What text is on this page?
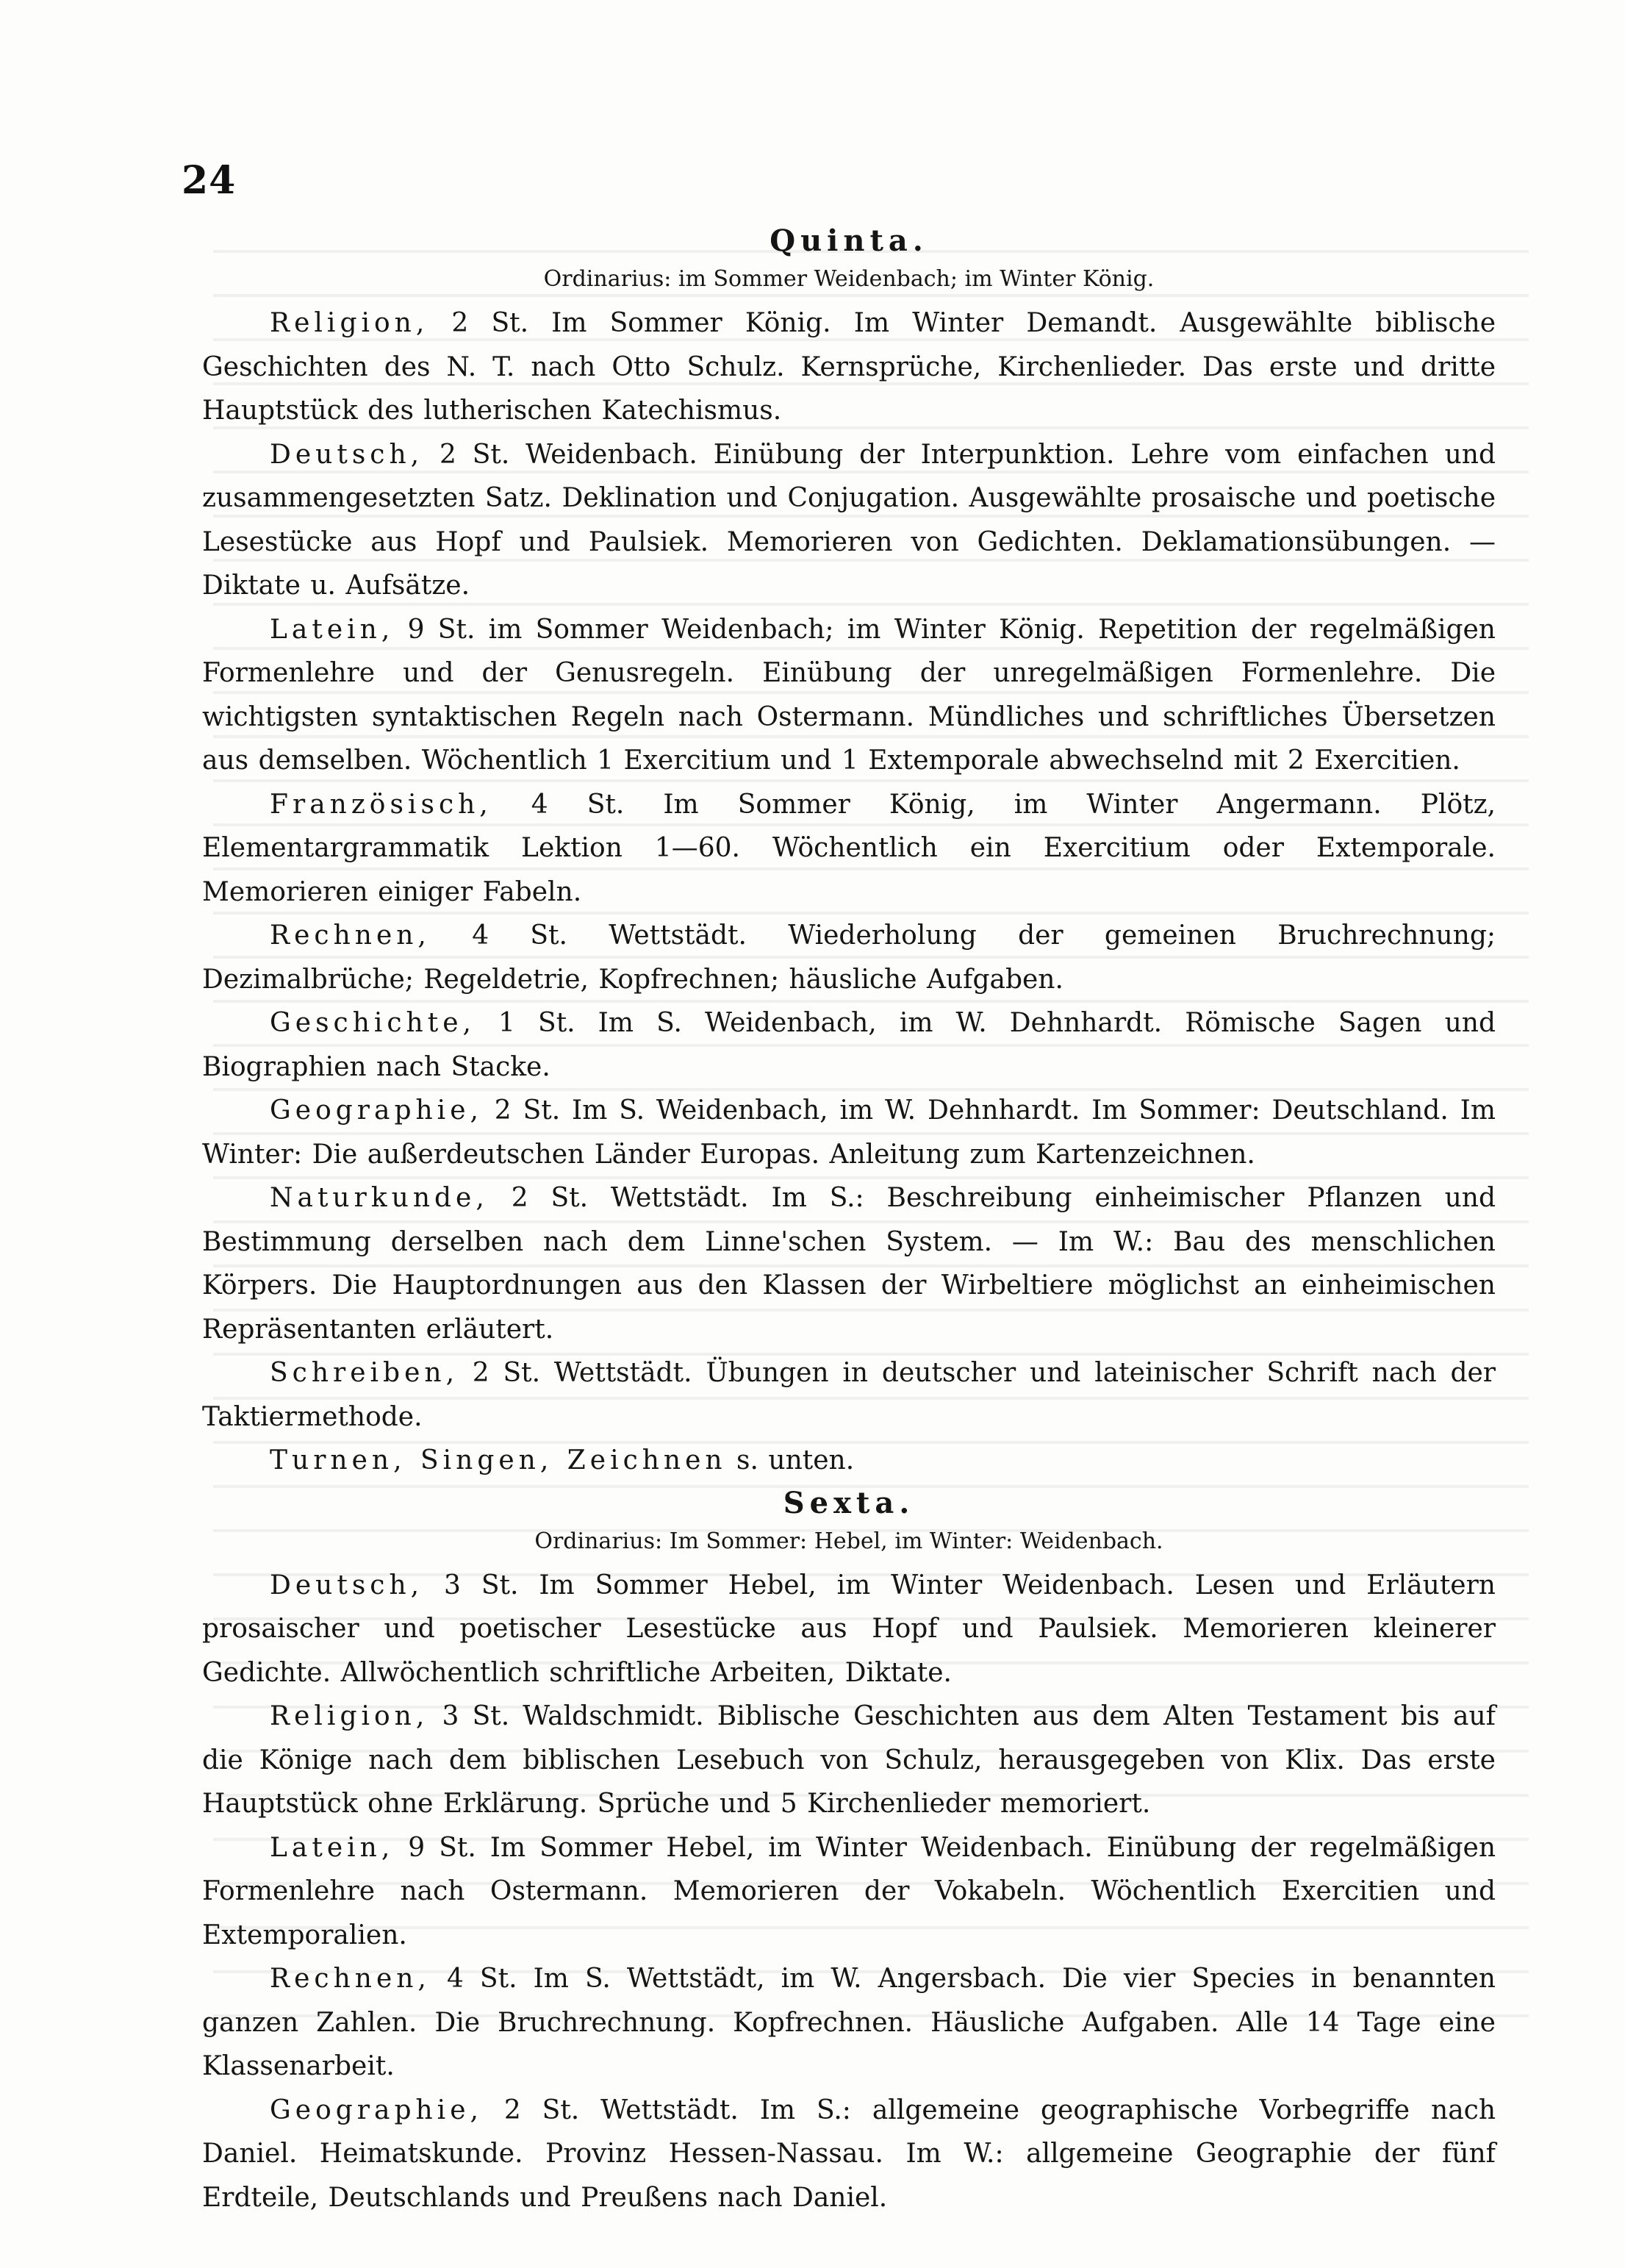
24

Quinta.

Ordinarius: im Sommer Weidenbach; im Winter König.

Religion, 2 St. Im Sommer König. Im Winter Demandt. Ausgewählte biblische Geschichten des N. T. nach Otto Schulz. Kernsprüche, Kirchenlieder. Das erste und dritte Hauptstück des lutherischen Katechismus.

Deutsch, 2 St. Weidenbach. Einübung der Interpunktion. Lehre vom einfachen und zusammengesetzten Satz. Deklination und Conjugation. Ausgewählte prosaische und poetische Lesestücke aus Hopf und Paulsiek. Memorieren von Gedichten. Deklamationsübungen. — Diktate u. Aufsätze.

Latein, 9 St. im Sommer Weidenbach; im Winter König. Repetition der regelmäßigen Formenlehre und der Genusregeln. Einübung der unregelmäßigen Formenlehre. Die wichtigsten syntaktischen Regeln nach Ostermann. Mündliches und schriftliches Übersetzen aus demselben. Wöchentlich 1 Exercitium und 1 Extemporale abwechselnd mit 2 Exercitien.

Französisch, 4 St. Im Sommer König, im Winter Angermann. Plötz, Elementargrammatik Lektion 1—60. Wöchentlich ein Exercitium oder Extemporale. Memorieren einiger Fabeln.

Rechnen, 4 St. Wettstädt. Wiederholung der gemeinen Bruchrechnung; Dezimalbrüche; Regeldetrie, Kopfrechnen; häusliche Aufgaben.

Geschichte, 1 St. Im S. Weidenbach, im W. Dehnhardt. Römische Sagen und Biographien nach Stacke.

Geographie, 2 St. Im S. Weidenbach, im W. Dehnhardt. Im Sommer: Deutschland. Im Winter: Die außerdeutschen Länder Europas. Anleitung zum Kartenzeichnen.

Naturkunde, 2 St. Wettstädt. Im S.: Beschreibung einheimischer Pflanzen und Bestimmung derselben nach dem Linne'schen System. — Im W.: Bau des menschlichen Körpers. Die Hauptordnungen aus den Klassen der Wirbeltiere möglichst an einheimischen Repräsentanten erläutert.

Schreiben, 2 St. Wettstädt. Übungen in deutscher und lateinischer Schrift nach der Taktiermethode.

Turnen, Singen, Zeichnen s. unten.

Sexta.

Ordinarius: Im Sommer: Hebel, im Winter: Weidenbach.

Deutsch, 3 St. Im Sommer Hebel, im Winter Weidenbach. Lesen und Erläutern prosaischer und poetischer Lesestücke aus Hopf und Paulsiek. Memorieren kleinerer Gedichte. Allwöchentlich schriftliche Arbeiten, Diktate.

Religion, 3 St. Waldschmidt. Biblische Geschichten aus dem Alten Testament bis auf die Könige nach dem biblischen Lesebuch von Schulz, herausgegeben von Klix. Das erste Hauptstück ohne Erklärung. Sprüche und 5 Kirchenlieder memoriert.

Latein, 9 St. Im Sommer Hebel, im Winter Weidenbach. Einübung der regelmäßigen Formenlehre nach Ostermann. Memorieren der Vokabeln. Wöchentlich Exercitien und Extemporalien.

Rechnen, 4 St. Im S. Wettstädt, im W. Angersbach. Die vier Species in benannten ganzen Zahlen. Die Bruchrechnung. Kopfrechnen. Häusliche Aufgaben. Alle 14 Tage eine Klassenarbeit.

Geographie, 2 St. Wettstädt. Im S.: allgemeine geographische Vorbegriffe nach Daniel. Heimatskunde. Provinz Hessen-Nassau. Im W.: allgemeine Geographie der fünf Erdteile, Deutschlands und Preußens nach Daniel.
